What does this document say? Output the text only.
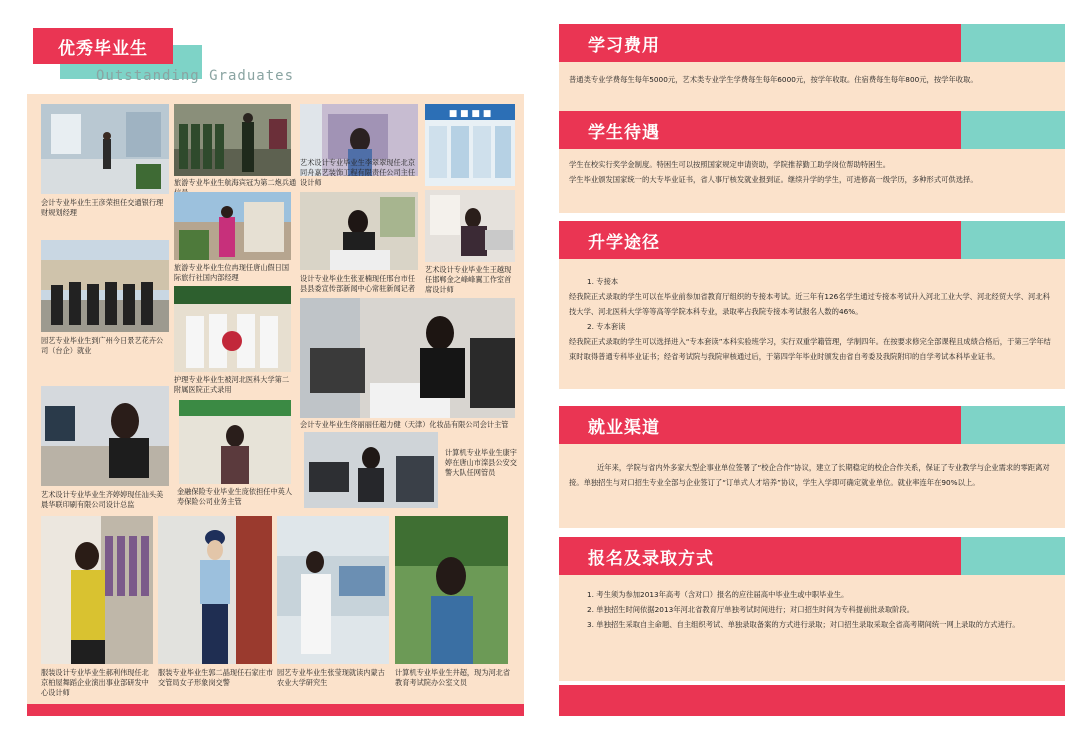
优秀毕业生
Outstanding Graduates
会计专业毕业生王彦荣担任交通银行理财规划经理
旅游专业毕业生航海宾冠为第二炮兵通
艺术设计专业毕业生李翠翠现任北京同舟嘉艺装饰工程有限责任公司主任设计师
■ ■ ■ ■
旅游专业毕业生位冉现任唐山假日国际旅行社国内部经理	设计专业毕业生张亚楠现任邢台市任县县委宣传部新闻中心常驻新闻记者
艺术设计专业毕业生王越现任邯郸金之峰峰翼工作室首席设计师
园艺专业毕业生到广州今日景艺花卉公司（台企）就业
护理专业毕业生被河北医科大学第二附属医院正式录用
会计专业毕业生佟丽丽任超力健（天津）化妆品有限公司会计主管
艺术设计专业毕业生齐婷婷现任汕头美晨华联印刷有限公司设计总监
金融保险专业毕业生庞依担任中英人寿保险公司业务主管
计算机专业毕业生康宇婷在唐山市滦县公安交警大队任网管员
服装设计专业毕业生郝利伟现任北京柏屋舞蹈企业演出事业部研发中心设计师
服装专业毕业生郭二晶现任石家庄市交管局女子形象岗交警
园艺专业毕业生张莹现就读内蒙古农业大学研究生
计算机专业毕业生井超，现为河北省教育考试院办公室文员
学习费用

普通类专业学费每生每年5000元，艺术类专业学生学费每生每年6000元，按学年收取。住宿费每生每年800元，按学年收取。

学生待遇

学生在校实行奖学金制度。特困生可以按照国家规定申请资助，学院推荐勤工助学岗位帮助特困生。

学生毕业颁发国家统一的大专毕业证书，省人事厅核发就业报到证。继续升学的学生，可进修高一级学历，多种形式可供选择。

升学途径

1. 专接本

经我院正式录取的学生可以在毕业前参加省教育厅组织的专接本考试。近三年有126名学生通过专接本考试升入河北工业大学、河北经贸大学、河北科技大学、河北医科大学等等高等学院本科专业，录取率占我院专接本考试报名人数的46%。

2. 专本套读

经我院正式录取的学生可以选择进入“专本套读”本科实验班学习，实行双重学籍管理，学制四年。在按要求修完全部课程且成绩合格后，于第三学年结束时取得普通专科毕业证书；经省考试院与我院审核通过后，于第四学年毕业时颁发由省自考委及我院附印的自学考试本科毕业证书。

就业渠道

近年来，学院与省内外多家大型企事业单位签署了“校企合作”协议，建立了长期稳定的校企合作关系，保证了专业教学与企业需求的零距离对接。单独招生与对口招生专业全部与企业签订了“订单式人才培养”协议，学生入学即可确定就业单位。就业率连年在90%以上。

报名及录取方式

1. 考生须为参加2013年高考（含对口）报名的应往届高中毕业生或中职毕业生。

2. 单独招生时间依据2013年河北省教育厅单独考试时间进行；对口招生时间为专科提前批录取阶段。

3. 单独招生采取自主命题、自主组织考试、单独录取备案的方式进行录取；对口招生录取采取全省高考期间统一网上录取的方式进行。
